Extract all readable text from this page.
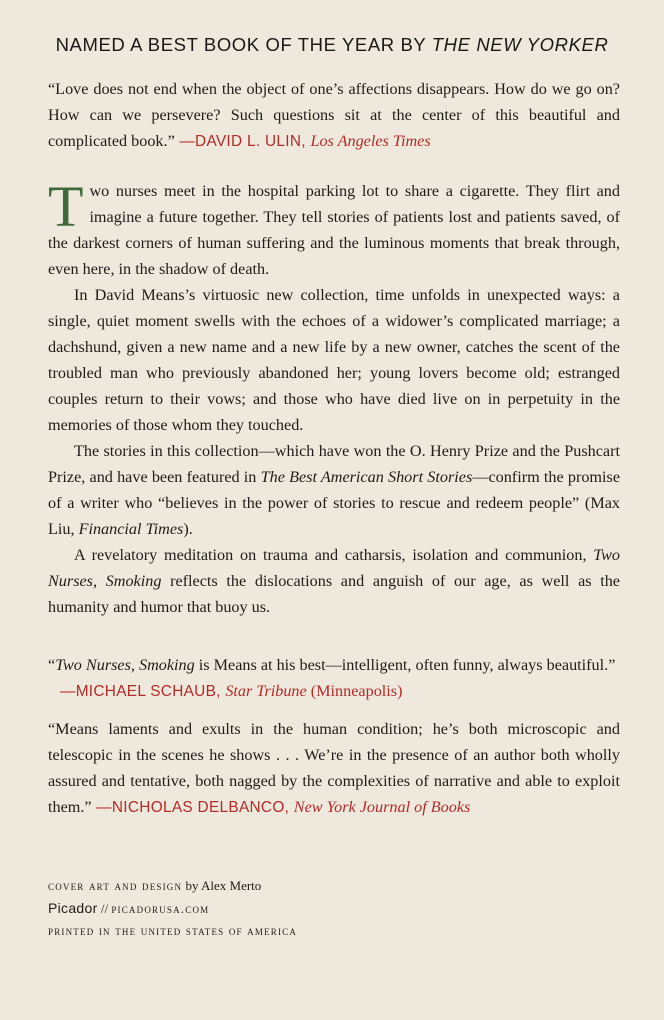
NAMED A BEST BOOK OF THE YEAR BY THE NEW YORKER

“Love does not end when the object of one’s affections disappears. How do we go on? How can we persevere? Such questions sit at the center of this beautiful and complicated book.” —DAVID L. ULIN, Los Angeles Times

Two nurses meet in the hospital parking lot to share a cigarette. They flirt and imagine a future together. They tell stories of patients lost and patients saved, of the darkest corners of human suffering and the luminous moments that break through, even here, in the shadow of death.

In David Means’s virtuosic new collection, time unfolds in unexpected ways: a single, quiet moment swells with the echoes of a widower’s complicated marriage; a dachshund, given a new name and a new life by a new owner, catches the scent of the troubled man who previously abandoned her; young lovers become old; estranged couples return to their vows; and those who have died live on in perpetuity in the memories of those whom they touched.

The stories in this collection—which have won the O. Henry Prize and the Pushcart Prize, and have been featured in The Best American Short Stories—confirm the promise of a writer who “believes in the power of stories to rescue and redeem people” (Max Liu, Financial Times).

A revelatory meditation on trauma and catharsis, isolation and communion, Two Nurses, Smoking reflects the dislocations and anguish of our age, as well as the humanity and humor that buoy us.

“Two Nurses, Smoking is Means at his best—intelligent, often funny, always beautiful.”
—MICHAEL SCHAUB, Star Tribune (Minneapolis)

“Means laments and exults in the human condition; he’s both microscopic and telescopic in the scenes he shows . . . We’re in the presence of an author both wholly assured and tentative, both nagged by the complexities of narrative and able to exploit them.” —NICHOLAS DELBANCO, New York Journal of Books

cover art and design by Alex Merto
Picador // picadorusa.com
printed in the united states of america
